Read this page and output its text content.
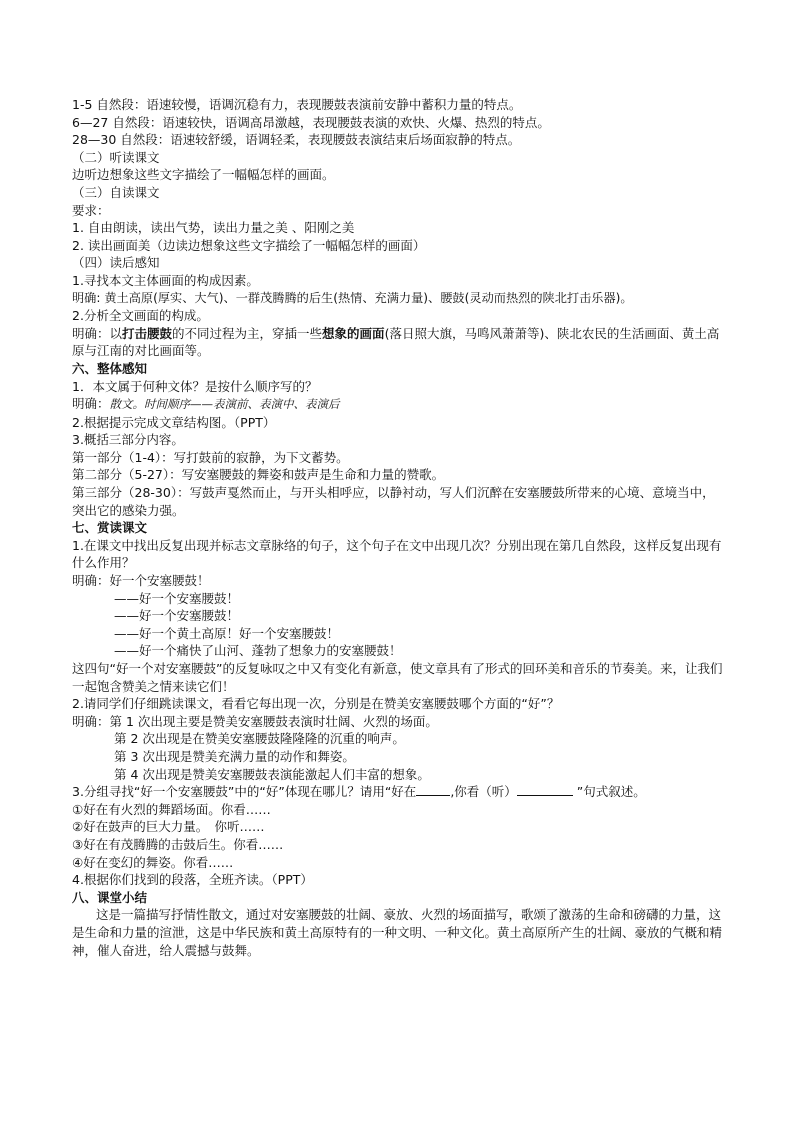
1-5 自然段：语速较慢，语调沉稳有力，表现腰鼓表演前安静中蓄积力量的特点。
6—27 自然段：语速较快，语调高昂激越，表现腰鼓表演的欢快、火爆、热烈的特点。
28—30 自然段：语速较舒缓，语调轻柔，表现腰鼓表演结束后场面寂静的特点。
（二）听读课文
边听边想象这些文字描绘了一幅幅怎样的画面。
（三）自读课文
要求：
1. 自由朗读，读出气势，读出力量之美 、阳刚之美
2. 读出画面美（边读边想象这些文字描绘了一幅幅怎样的画面）
（四）读后感知
1.寻找本文主体画面的构成因素。
明确: 黄土高原(厚实、大气)、一群茂腾腾的后生(热情、充满力量)、腰鼓(灵动而热烈的陕北打击乐器)。
2.分析全文画面的构成。
明确：以打击腰鼓的不同过程为主，穿插一些想象的画面(落日照大旗，马鸣风萧萧等)、陕北农民的生活画面、黄土高原与江南的对比画面等。
六、整体感知
1．本文属于何种文体？是按什么顺序写的？
明确：散文。时间顺序——表演前、表演中、表演后
2.根据提示完成文章结构图。（PPT）
3.概括三部分内容。
第一部分（1-4）：写打鼓前的寂静，为下文蓄势。
第二部分（5-27）：写安塞腰鼓的舞姿和鼓声是生命和力量的赞歌。
第三部分（28-30）：写鼓声戛然而止，与开头相呼应，以静衬动，写人们沉醉在安塞腰鼓所带来的心境、意境当中，突出它的感染力强。
七、赏读课文
1.在课文中找出反复出现并标志文章脉络的句子，这个句子在文中出现几次？分别出现在第几自然段，这样反复出现有什么作用？
明确：好一个安塞腰鼓！
——好一个安塞腰鼓！
——好一个安塞腰鼓！
——好一个黄土高原！好一个安塞腰鼓！
——好一个痛快了山河、蓬勃了想象力的安塞腰鼓！
这四句“好一个对安塞腰鼓”的反复咏叹之中又有变化有新意，使文章具有了形式的回环美和音乐的节奏美。来，让我们一起饱含赞美之情来读它们！
2.请同学们仔细跳读课文，看看它每出现一次，分别是在赞美安塞腰鼓哪个方面的“好”？
明确：第 1 次出现主要是赞美安塞腰鼓表演时壮阔、火烈的场面。
第 2 次出现是在赞美安塞腰鼓隆隆隆的沉重的响声。
第 3 次出现是赞美充满力量的动作和舞姿。
第 4 次出现是赞美安塞腰鼓表演能激起人们丰富的想象。
3.分组寻找“好一个安塞腰鼓”中的“好”体现在哪儿？请用“好在	,你看（听）	”句式叙述。
①好在有火烈的舞蹈场面。你看……
②好在鼓声的巨大力量。　你听……
③好在有茂腾腾的击鼓后生。你看……
④好在变幻的舞姿。你看……
4.根据你们找到的段落，全班齐读。（PPT）
八、课堂小结
这是一篇描写抒情性散文，通过对安塞腰鼓的壮阔、豪放、火烈的场面描写，歌颂了激荡的生命和磅礴的力量，这是生命和力量的渲泄，这是中华民族和黄土高原特有的一种文明、一种文化。黄土高原所产生的壮阔、豪放的气概和精神，催人奋进，给人震撼与鼓舞。
